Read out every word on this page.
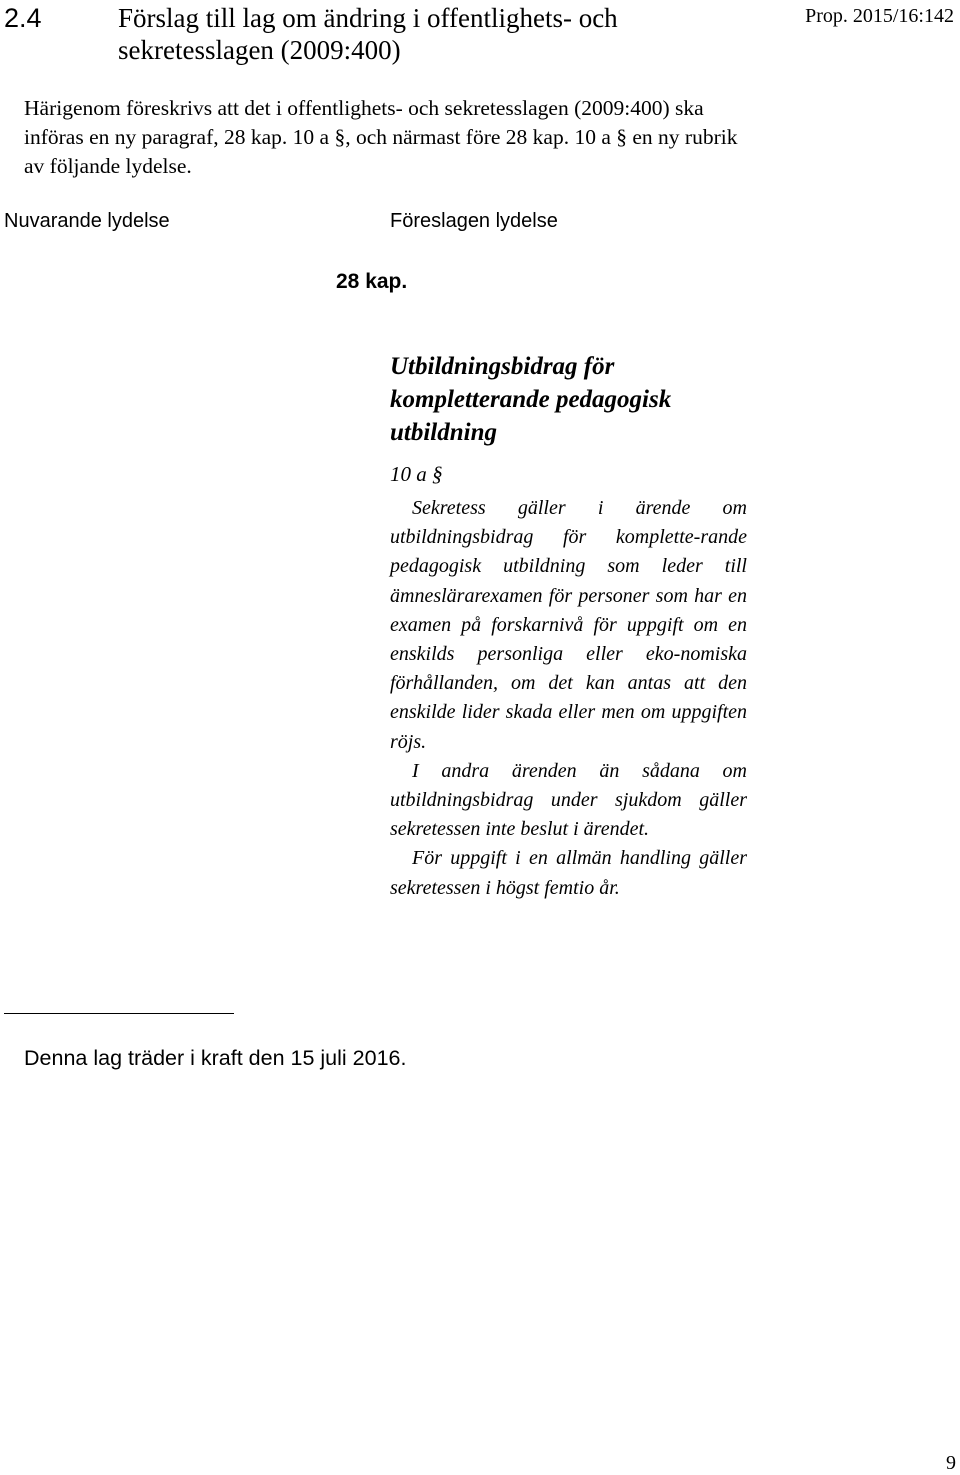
2.4	Förslag till lag om ändring i offentlighets- och sekretesslagen (2009:400)
Prop. 2015/16:142
Härigenom föreskrivs att det i offentlighets- och sekretesslagen (2009:400) ska införas en ny paragraf, 28 kap. 10 a §, och närmast före 28 kap. 10 a § en ny rubrik av följande lydelse.
Nuvarande lydelse	Föreslagen lydelse
28 kap.
Utbildningsbidrag för kompletterande pedagogisk utbildning
10 a §

Sekretess gäller i ärende om utbildningsbidrag för komplette-rande pedagogisk utbildning som leder till ämneslärarexamen för personer som har en examen på forskarnivå för uppgift om en enskilds personliga eller eko-nomiska förhållanden, om det kan antas att den enskilde lider skada eller men om uppgiften röjs.

I andra ärenden än sådana om utbildningsbidrag under sjukdom gäller sekretessen inte beslut i ärendet.

För uppgift i en allmän handling gäller sekretessen i högst femtio år.

Denna lag träder i kraft den 15 juli 2016.
9
